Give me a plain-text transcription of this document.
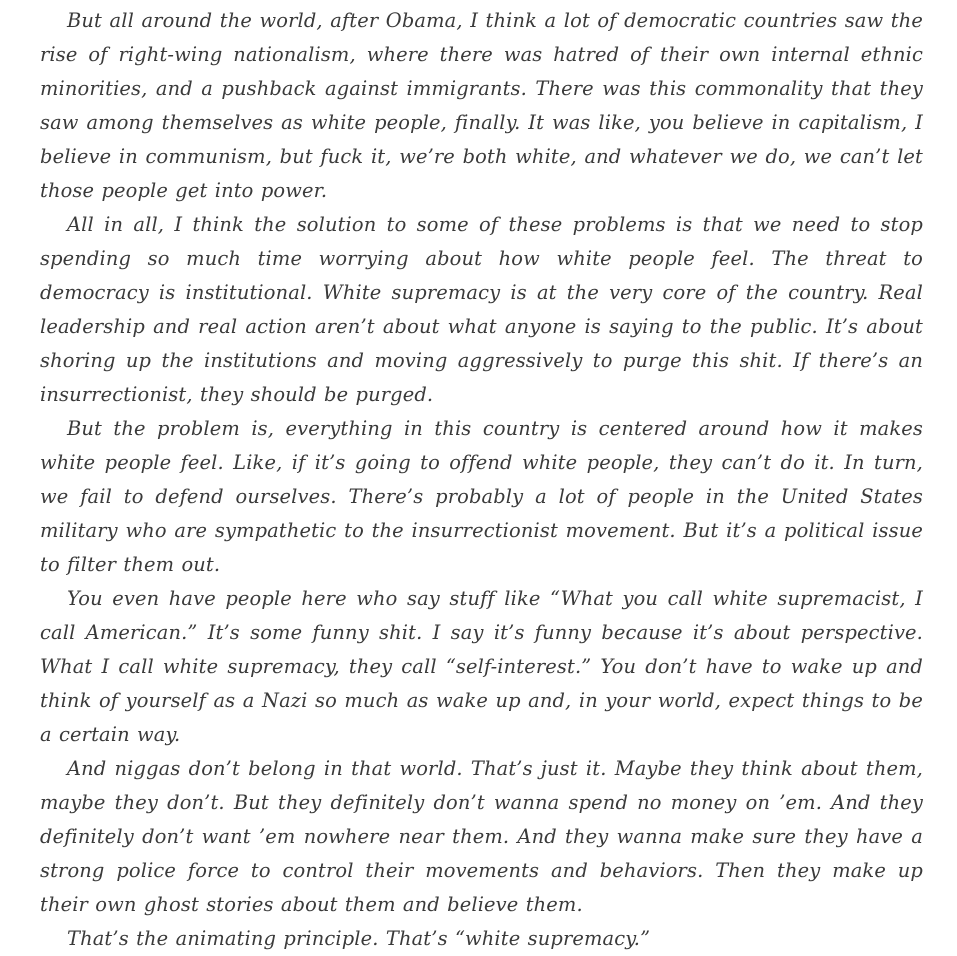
But all around the world, after Obama, I think a lot of democratic countries saw the rise of right-wing nationalism, where there was hatred of their own internal ethnic minorities, and a pushback against immigrants. There was this commonality that they saw among themselves as white people, finally. It was like, you believe in capitalism, I believe in communism, but fuck it, we’re both white, and whatever we do, we can’t let those people get into power.

All in all, I think the solution to some of these problems is that we need to stop spending so much time worrying about how white people feel. The threat to democracy is institutional. White supremacy is at the very core of the country. Real leadership and real action aren’t about what anyone is saying to the public. It’s about shoring up the institutions and moving aggressively to purge this shit. If there’s an insurrectionist, they should be purged.

But the problem is, everything in this country is centered around how it makes white people feel. Like, if it’s going to offend white people, they can’t do it. In turn, we fail to defend ourselves. There’s probably a lot of people in the United States military who are sympathetic to the insurrectionist movement. But it’s a political issue to filter them out.

You even have people here who say stuff like “What you call white supremacist, I call American.” It’s some funny shit. I say it’s funny because it’s about perspective. What I call white supremacy, they call “self-interest.” You don’t have to wake up and think of yourself as a Nazi so much as wake up and, in your world, expect things to be a certain way.

And niggas don’t belong in that world. That’s just it. Maybe they think about them, maybe they don’t. But they definitely don’t wanna spend no money on ’em. And they definitely don’t want ’em nowhere near them. And they wanna make sure they have a strong police force to control their movements and behaviors. Then they make up their own ghost stories about them and believe them.

That’s the animating principle. That’s “white supremacy.”
